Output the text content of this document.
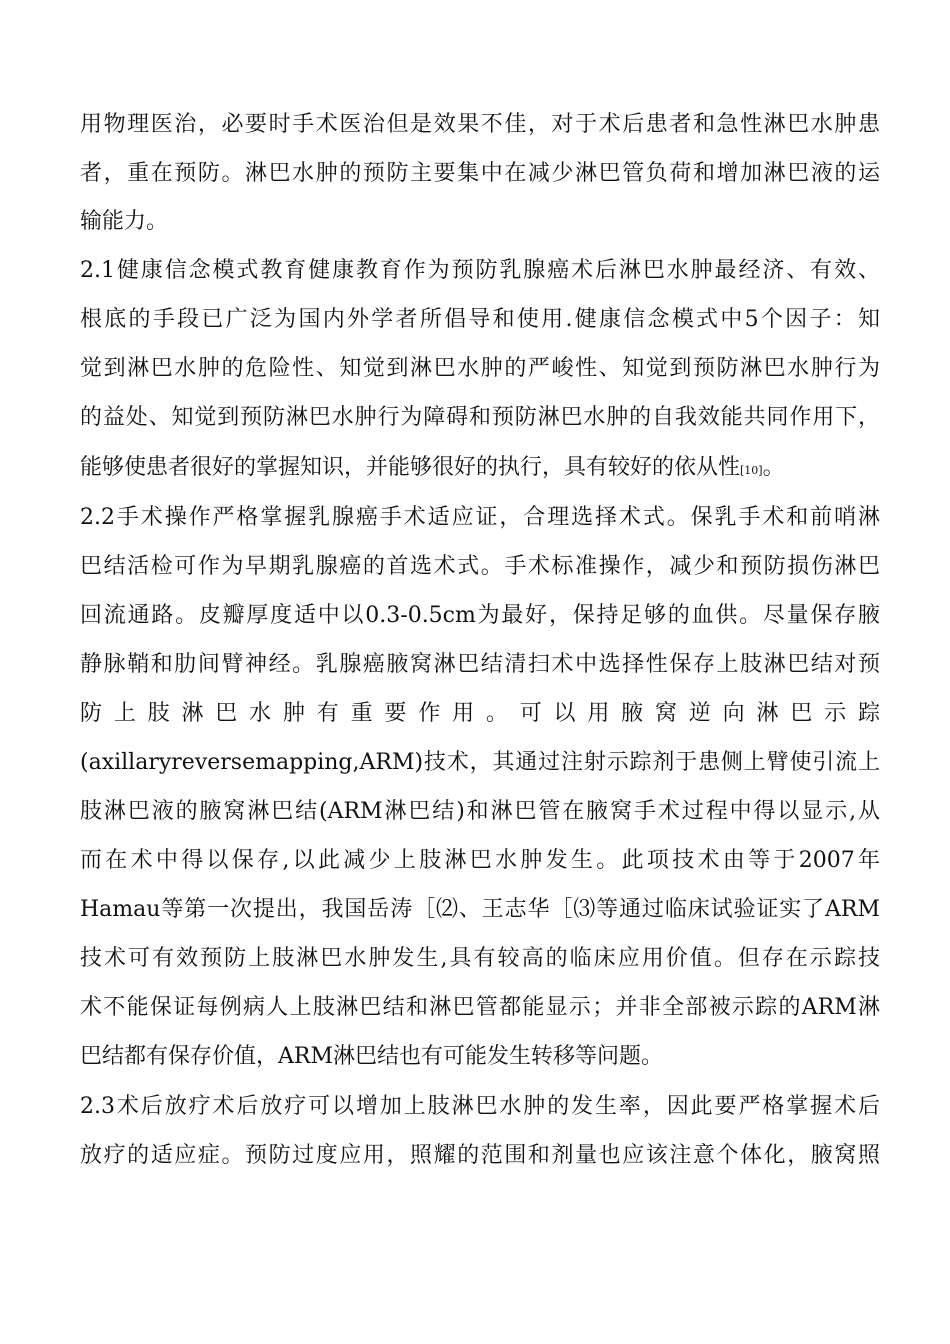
用物理医治，必要时手术医治但是效果不佳，对于术后患者和急性淋巴水肿患
者，重在预防。淋巴水肿的预防主要集中在减少淋巴管负荷和增加淋巴液的运
输能力。
2.1健康信念模式教育健康教育作为预防乳腺癌术后淋巴水肿最经济、有效、
根底的手段已广泛为国内外学者所倡导和使用.健康信念模式中5个因子：知
觉到淋巴水肿的危险性、知觉到淋巴水肿的严峻性、知觉到预防淋巴水肿行为
的益处、知觉到预防淋巴水肿行为障碍和预防淋巴水肿的自我效能共同作用下，
能够使患者很好的掌握知识，并能够很好的执行，具有较好的依从性[10]。
2.2手术操作严格掌握乳腺癌手术适应证，合理选择术式。保乳手术和前哨淋
巴结活检可作为早期乳腺癌的首选术式。手术标准操作，减少和预防损伤淋巴
回流通路。皮瓣厚度适中以0.3-0.5cm为最好，保持足够的血供。尽量保存腋
静脉鞘和肋间臂神经。乳腺癌腋窝淋巴结清扫术中选择性保存上肢淋巴结对预
防上肢淋巴水肿有重要作用。可以用腋窝逆向淋巴示踪
(axillaryreversemapping,ARM)技术，其通过注射示踪剂于患侧上臂使引流上
肢淋巴液的腋窝淋巴结(ARM淋巴结)和淋巴管在腋窝手术过程中得以显示,从
而在术中得以保存,以此减少上肢淋巴水肿发生。此项技术由等于2007年
Hamau等第一次提出，我国岳涛［⑵、王志华［⑶等通过临床试验证实了ARM
技术可有效预防上肢淋巴水肿发生,具有较高的临床应用价值。但存在示踪技
术不能保证每例病人上肢淋巴结和淋巴管都能显示；并非全部被示踪的ARM淋
巴结都有保存价值，ARM淋巴结也有可能发生转移等问题。
2.3术后放疗术后放疗可以增加上肢淋巴水肿的发生率，因此要严格掌握术后
放疗的适应症。预防过度应用，照耀的范围和剂量也应该注意个体化，腋窝照
